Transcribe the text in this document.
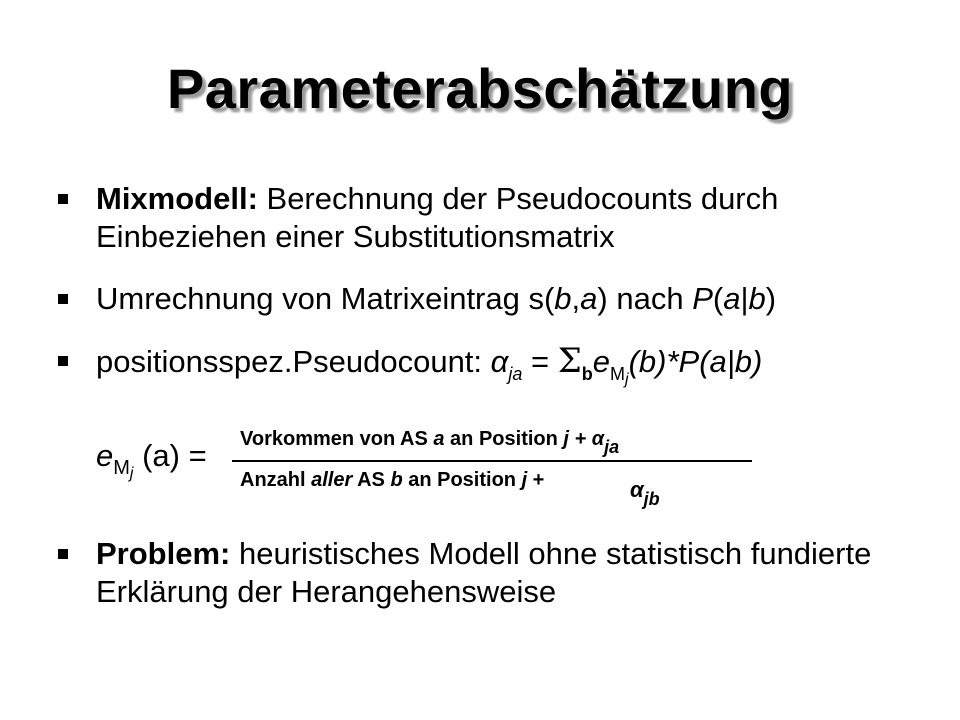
Parameterabschätzung
Mixmodell: Berechnung der Pseudocounts durch Einbeziehen einer Substitutionsmatrix
Umrechnung von Matrixeintrag s(b,a) nach P(a|b)
positionsspez.Pseudocount: $\alpha_{ja} = \Sigma_be_{Mj}(b)*P(a|b)$
$e_{Mj}$ (a) = Vorkommen von AS a an Position j + αja
Anzahl aller AS b an Position j +	$\alpha_{jb}$
Problem: heuristisches Modell ohne statistisch fundierte Erklärung der Herangehensweise
